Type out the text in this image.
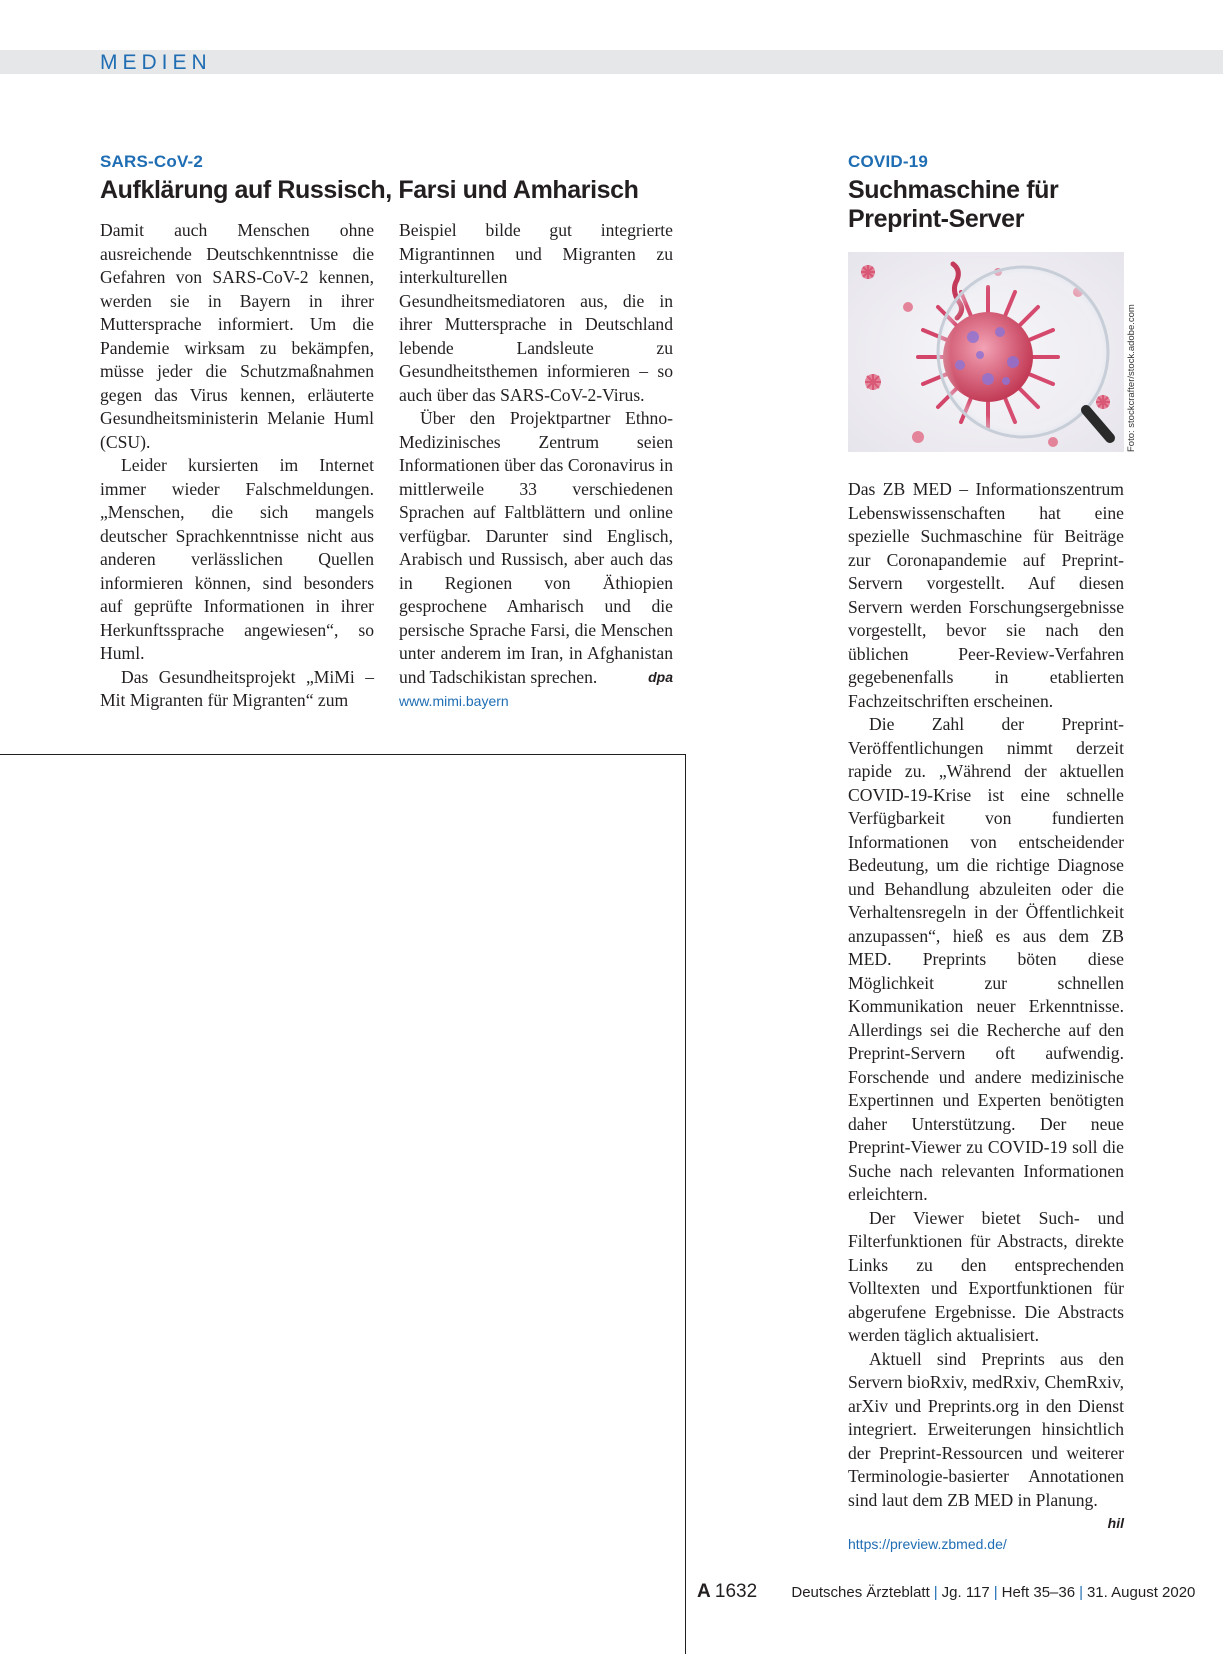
MEDIEN
SARS-CoV-2
Aufklärung auf Russisch, Farsi und Amharisch

Damit auch Menschen ohne ausreichende Deutschkenntnisse die Gefahren von SARS-CoV-2 kennen, werden sie in Bayern in ihrer Muttersprache informiert. Um die Pandemie wirksam zu bekämpfen, müsse jeder die Schutzmaßnahmen gegen das Virus kennen, erläuterte Gesundheitsministerin Melanie Huml (CSU).

Leider kursierten im Internet immer wieder Falschmeldungen. „Menschen, die sich mangels deutscher Sprachkenntnisse nicht aus anderen verlässlichen Quellen informieren können, sind besonders auf geprüfte Informationen in ihrer Herkunftssprache angewiesen“, so Huml.

Das Gesundheitsprojekt „MiMi – Mit Migranten für Migranten“ zum

Beispiel bilde gut integrierte Migrantinnen und Migranten zu interkulturellen Gesundheitsmediatoren aus, die in ihrer Muttersprache in Deutschland lebende Landsleute zu Gesundheitsthemen informieren – so auch über das SARS-CoV-2-Virus.

Über den Projektpartner Ethno-Medizinisches Zentrum seien Informationen über das Coronavirus in mittlerweile 33 verschiedenen Sprachen auf Faltblättern und online verfügbar. Darunter sind Englisch, Arabisch und Russisch, aber auch das in Regionen von Äthiopien gesprochene Amharisch und die persische Sprache Farsi, die Menschen unter anderem im Iran, in Afghanistan und Tadschikistan sprechen.	dpa

www.mimi.bayern
COVID-19
Suchmaschine für
Preprint-Server
Foto: stockcrafter/stock.adobe.com

Das ZB MED – Informationszentrum Lebenswissenschaften hat eine spezielle Suchmaschine für Beiträge zur Coronapandemie auf Preprint-Servern vorgestellt. Auf diesen Servern werden Forschungsergebnisse vorgestellt, bevor sie nach den üblichen Peer-Review-Verfahren gegebenenfalls in etablierten Fachzeitschriften erscheinen.

Die Zahl der Preprint-Veröffentlichungen nimmt derzeit rapide zu. „Während der aktuellen COVID-19-Krise ist eine schnelle Verfügbarkeit von fundierten Informationen von entscheidender Bedeutung, um die richtige Diagnose und Behandlung abzuleiten oder die Verhaltensregeln in der Öffentlichkeit anzupassen“, hieß es aus dem ZB MED. Preprints böten diese Möglichkeit zur schnellen Kommunikation neuer Erkenntnisse. Allerdings sei die Recherche auf den Preprint-Servern oft aufwendig. Forschende und andere medizinische Expertinnen und Experten benötigten daher Unterstützung. Der neue Preprint-Viewer zu COVID-19 soll die Suche nach relevanten Informationen erleichtern.

Der Viewer bietet Such- und Filterfunktionen für Abstracts, direkte Links zu den entsprechenden Volltexten und Exportfunktionen für abgerufene Ergebnisse. Die Abstracts werden täglich aktualisiert.

Aktuell sind Preprints aus den Servern bioRxiv, medRxiv, ChemRxiv, arXiv und Preprints.org in den Dienst integriert. Erweiterungen hinsichtlich der Preprint-Ressourcen und weiterer Terminologie-basierter Annotationen sind laut dem ZB MED in Planung.
hil

https://preview.zbmed.de/
A 1632 Deutsches Ärzteblatt | Jg. 117 | Heft 35–36 | 31. August 2020
